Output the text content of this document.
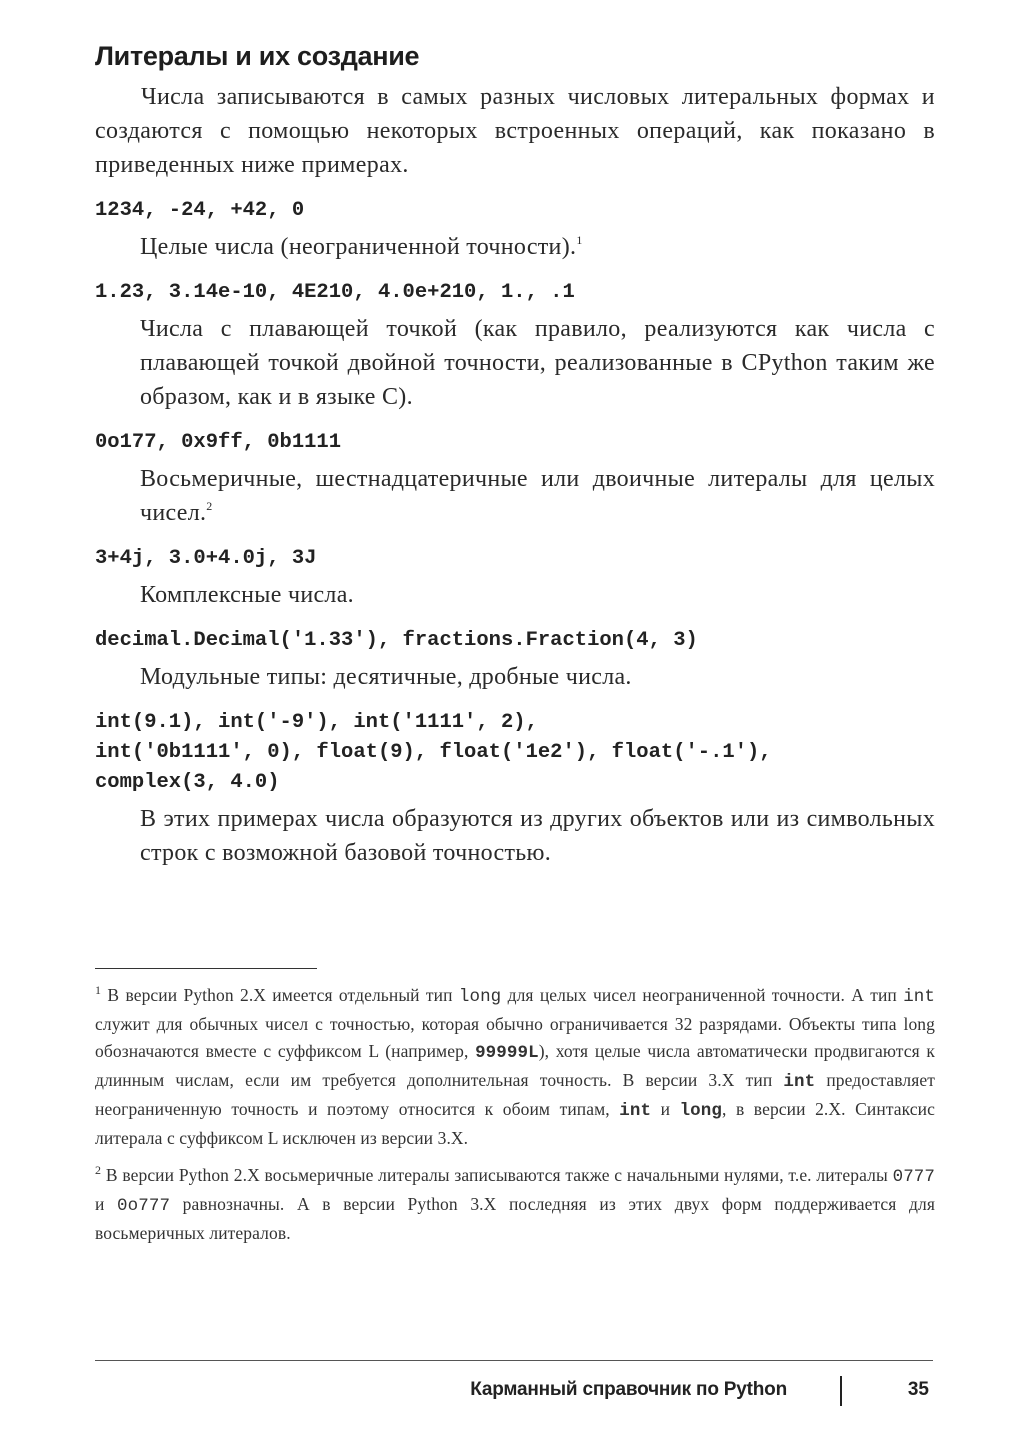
Литералы и их создание

Числа записываются в самых разных числовых литеральных формах и создаются с помощью некоторых встроенных операций, как показано в приведенных ниже примерах.

1234, -24, +42, 0
Целые числа (неограниченной точности).$^1$
1.23, 3.14e-10, 4E210, 4.0e+210, 1., .1
Числа с плавающей точкой (как правило, реализуются как числа с плавающей точкой двойной точности, реализованные в CPython таким же образом, как и в языке C).
0o177, 0x9ff, 0b1111
Восьмеричные, шестнадцатеричные или двоичные литералы для целых чисел.$^2$
3+4j, 3.0+4.0j, 3J
Комплексные числа.
decimal.Decimal('1.33'), fractions.Fraction(4, 3)
Модульные типы: десятичные, дробные числа.
int(9.1), int('-9'), int('1111', 2),
int('0b1111', 0), float(9), float('1e2'), float('-.1'),
complex(3, 4.0)
В этих примерах числа образуются из других объектов или из символьных строк с возможной базовой точностью.

$^1$ В версии Python 2.X имеется отдельный тип long для целых чисел неограниченной точности. А тип int служит для обычных чисел с точностью, которая обычно ограничивается 32 разрядами. Объекты типа long обозначаются вместе с суффиксом L (например, 99999L), хотя целые числа автоматически продвигаются к длинным числам, если им требуется дополнительная точность. В версии 3.X тип int предоставляет неограниченную точность и поэтому относится к обоим типам, int и long, в версии 2.X. Синтаксис литерала с суффиксом L исключен из версии 3.X.

$^2$ В версии Python 2.X восьмеричные литералы записываются также с начальными нулями, т.е. литералы 0777 и 0o777 равнозначны. А в версии Python 3.X последняя из этих двух форм поддерживается для восьмеричных литералов.

Карманный справочник по Python	35
